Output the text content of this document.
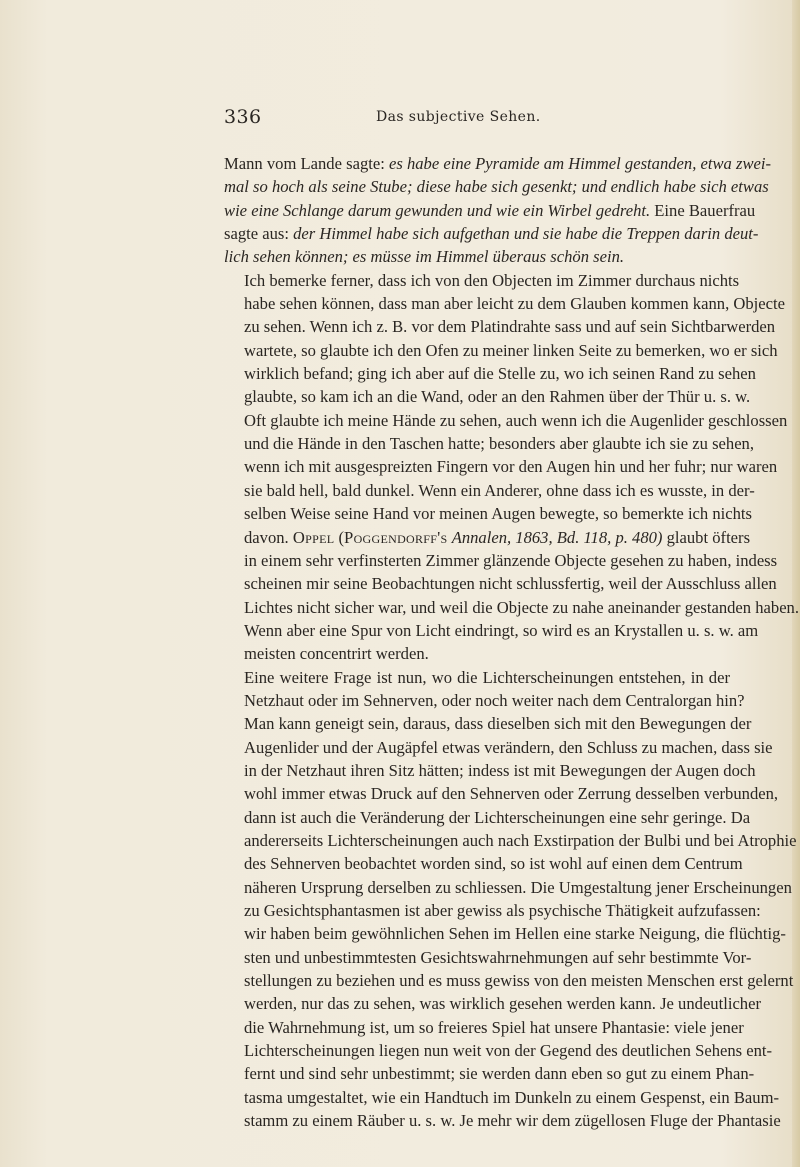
336	Das subjective Sehen.
Mann vom Lande sagte: es habe eine Pyramide am Himmel gestanden, etwa zwei-
mal so hoch als seine Stube; diese habe sich gesenkt; und endlich habe sich etwas
wie eine Schlange darum gewunden und wie ein Wirbel gedreht. Eine Bauerfrau
sagte aus: der Himmel habe sich aufgethan und sie habe die Treppen darin deut-
lich sehen können; es müsse im Himmel überaus schön sein.
Ich bemerke ferner, dass ich von den Objecten im Zimmer durchaus nichts
habe sehen können, dass man aber leicht zu dem Glauben kommen kann, Objecte
zu sehen. Wenn ich z. B. vor dem Platindrahte sass und auf sein Sichtbarwerden
wartete, so glaubte ich den Ofen zu meiner linken Seite zu bemerken, wo er sich
wirklich befand; ging ich aber auf die Stelle zu, wo ich seinen Rand zu sehen
glaubte, so kam ich an die Wand, oder an den Rahmen über der Thür u. s. w.
Oft glaubte ich meine Hände zu sehen, auch wenn ich die Augenlider geschlossen
und die Hände in den Taschen hatte; besonders aber glaubte ich sie zu sehen,
wenn ich mit ausgespreizten Fingern vor den Augen hin und her fuhr; nur waren
sie bald hell, bald dunkel. Wenn ein Anderer, ohne dass ich es wusste, in der-
selben Weise seine Hand vor meinen Augen bewegte, so bemerkte ich nichts
davon. Oppel (Poggendorff's Annalen, 1863, Bd. 118, p. 480) glaubt öfters
in einem sehr verfinsterten Zimmer glänzende Objecte gesehen zu haben, indess
scheinen mir seine Beobachtungen nicht schlussfertig, weil der Ausschluss allen
Lichtes nicht sicher war, und weil die Objecte zu nahe aneinander gestanden haben.
Wenn aber eine Spur von Licht eindringt, so wird es an Krystallen u. s. w. am
meisten concentrirt werden.
Eine weitere Frage ist nun, wo die Lichterscheinungen entstehen, in der
Netzhaut oder im Sehnerven, oder noch weiter nach dem Centralorgan hin?
Man kann geneigt sein, daraus, dass dieselben sich mit den Bewegungen der
Augenlider und der Augäpfel etwas verändern, den Schluss zu machen, dass sie
in der Netzhaut ihren Sitz hätten; indess ist mit Bewegungen der Augen doch
wohl immer etwas Druck auf den Sehnerven oder Zerrung desselben verbunden,
dann ist auch die Veränderung der Lichterscheinungen eine sehr geringe. Da
andererseits Lichterscheinungen auch nach Exstirpation der Bulbi und bei Atrophie
des Sehnerven beobachtet worden sind, so ist wohl auf einen dem Centrum
näheren Ursprung derselben zu schliessen. Die Umgestaltung jener Erscheinungen
zu Gesichtsphantasmen ist aber gewiss als psychische Thätigkeit aufzufassen:
wir haben beim gewöhnlichen Sehen im Hellen eine starke Neigung, die flüchtig-
sten und unbestimmtesten Gesichtswahrnehmungen auf sehr bestimmte Vor-
stellungen zu beziehen und es muss gewiss von den meisten Menschen erst gelernt
werden, nur das zu sehen, was wirklich gesehen werden kann. Je undeutlicher
die Wahrnehmung ist, um so freieres Spiel hat unsere Phantasie: viele jener
Lichterscheinungen liegen nun weit von der Gegend des deutlichen Sehens ent-
fernt und sind sehr unbestimmt; sie werden dann eben so gut zu einem Phan-
tasma umgestaltet, wie ein Handtuch im Dunkeln zu einem Gespenst, ein Baum-
stamm zu einem Räuber u. s. w. Je mehr wir dem zügellosen Fluge der Phantasie
